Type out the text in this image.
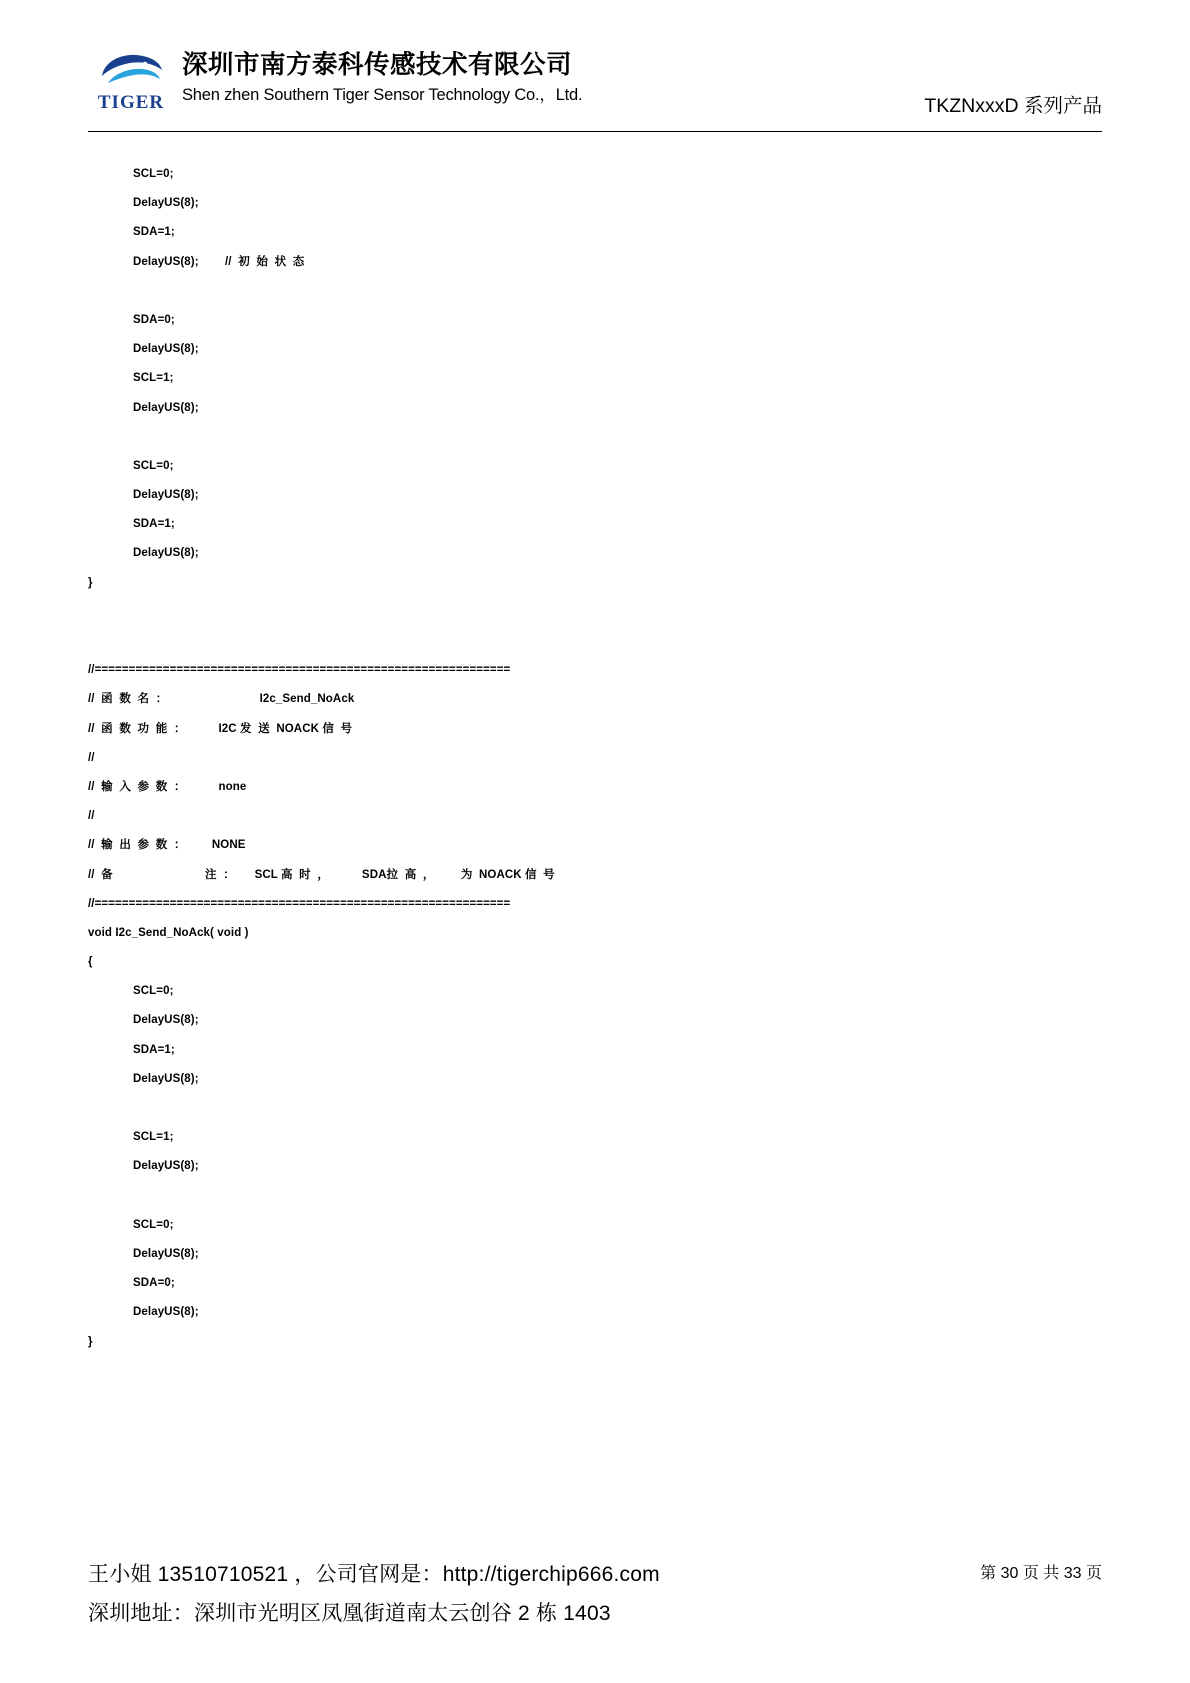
TIGER
深圳市南方泰科传感技术有限公司
Shen zhen Southern Tiger Sensor Technology Co.，Ltd.	TKZNxxxD 系列产品
SCL=0;
DelayUS(8);
SDA=1;
DelayUS(8);        //  初  始  状  态
SDA=0;
DelayUS(8);
SCL=1;
DelayUS(8);
SCL=0;
DelayUS(8);
SDA=1;
DelayUS(8);
}
//=============================================================
//  函  数  名  ：                            I2c_Send_NoAck
//  函  数  功  能  ：          I2C 发  送  NOACK 信  号
//
//  输  入  参  数  ：          none
//
//  输  出  参  数  ：        NONE
//  备                            注  ：      SCL 高  时  ，          SDA拉  高  ，        为  NOACK 信  号
//=============================================================
void I2c_Send_NoAck( void )
{
SCL=0;
DelayUS(8);
SDA=1;
DelayUS(8);
SCL=1;
DelayUS(8);
SCL=0;
DelayUS(8);
SDA=0;
DelayUS(8);
}
王小姐 13510710521 ，公司官网是：http://tigerchip666.com
深圳地址：深圳市光明区凤凰街道南太云创谷 2 栋 1403
第 30 页 共 33 页
